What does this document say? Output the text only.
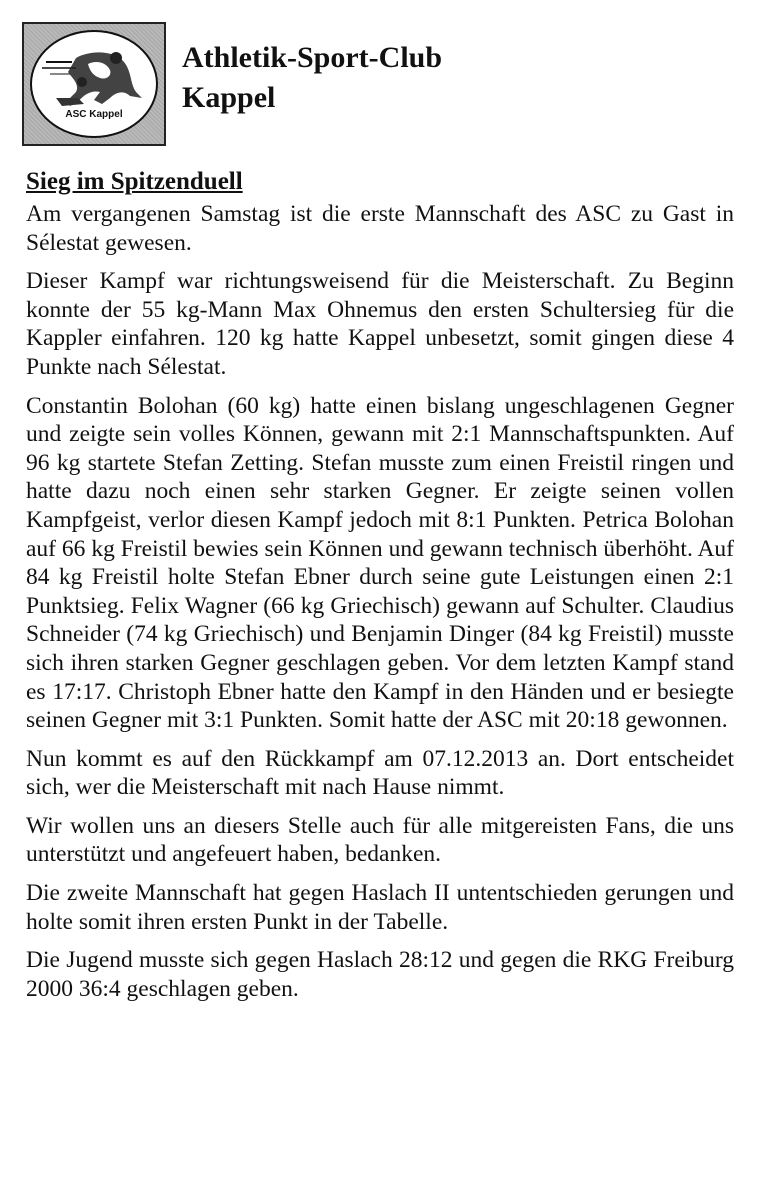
ASC Kappel
Athletik-Sport-Club
Kappel
Sieg im Spitzenduell

Am vergangenen Samstag ist die erste Mannschaft des ASC zu Gast in Sélestat gewesen.

Dieser Kampf war richtungsweisend für die Meisterschaft. Zu Beginn konnte der 55 kg-Mann Max Ohnemus den ersten Schultersieg für die Kappler einfahren. 120 kg hatte Kappel unbesetzt, somit gingen diese 4 Punkte nach Sélestat.

Constantin Bolohan (60 kg) hatte einen bislang ungeschlagenen Gegner und zeigte sein volles Können, gewann mit 2:1 Mannschaftspunkten. Auf 96 kg startete Stefan Zetting. Stefan musste zum einen Freistil ringen und hatte dazu noch einen sehr starken Gegner. Er zeigte seinen vollen Kampfgeist, verlor diesen Kampf jedoch mit 8:1 Punkten. Petrica Bolohan auf 66 kg Freistil bewies sein Können und gewann technisch überhöht. Auf 84 kg Freistil holte Stefan Ebner durch seine gute Leistungen einen 2:1 Punktsieg. Felix Wagner (66 kg Griechisch) gewann auf Schulter. Claudius Schneider (74 kg Griechisch) und Benjamin Dinger (84 kg Freistil) musste sich ihren starken Gegner geschlagen geben. Vor dem letzten Kampf stand es 17:17. Christoph Ebner hatte den Kampf in den Händen und er besiegte seinen Gegner mit 3:1 Punkten. Somit hatte der ASC mit 20:18 gewonnen.

Nun kommt es auf den Rückkampf am 07.12.2013 an. Dort entscheidet sich, wer die Meisterschaft mit nach Hause nimmt.

Wir wollen uns an diesers Stelle auch für alle mitgereisten Fans, die uns unterstützt und angefeuert haben, bedanken.

Die zweite Mannschaft hat gegen Haslach II untentschieden gerungen und holte somit ihren ersten Punkt in der Tabelle.

Die Jugend musste sich gegen Haslach 28:12 und gegen die RKG Freiburg 2000 36:4 geschlagen geben.
